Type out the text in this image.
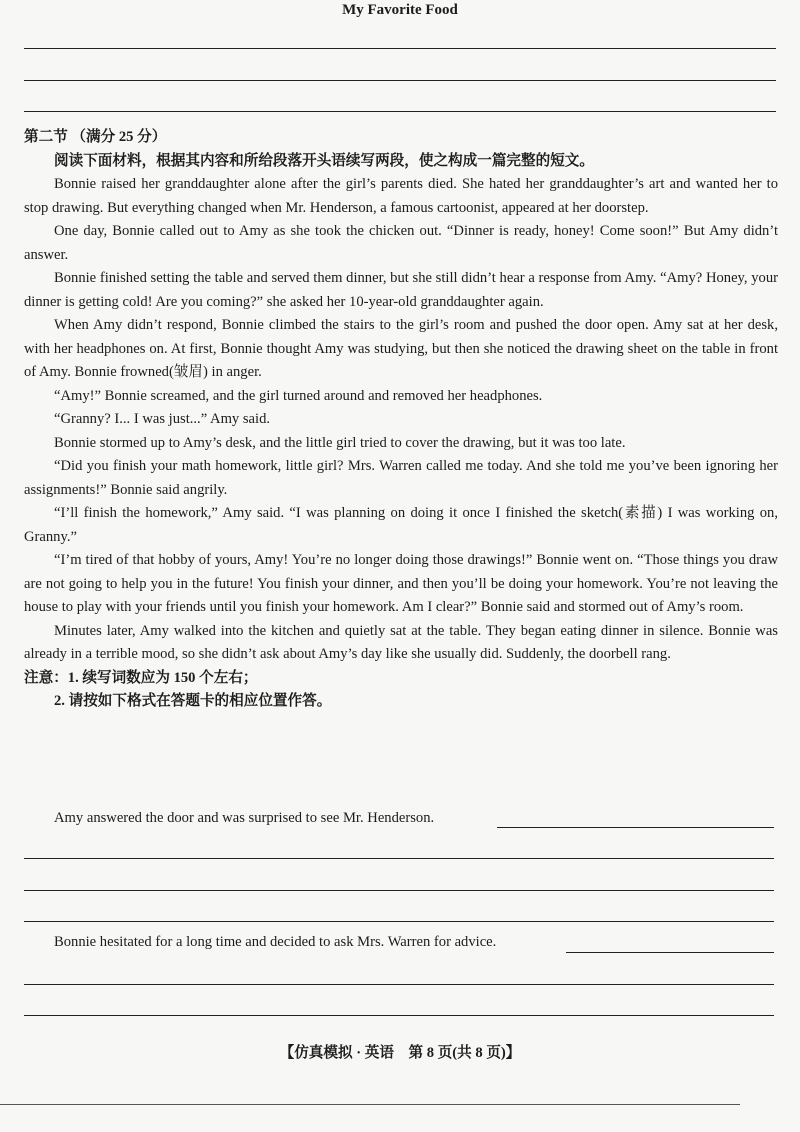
My Favorite Food
第二节 （满分 25 分）
阅读下面材料，根据其内容和所给段落开头语续写两段，使之构成一篇完整的短文。

Bonnie raised her granddaughter alone after the girl’s parents died. She hated her granddaughter’s art and wanted her to stop drawing. But everything changed when Mr. Henderson, a famous cartoonist, appeared at her doorstep.

One day, Bonnie called out to Amy as she took the chicken out. “Dinner is ready, honey! Come soon!” But Amy didn’t answer.

Bonnie finished setting the table and served them dinner, but she still didn’t hear a response from Amy. “Amy? Honey, your dinner is getting cold! Are you coming?” she asked her 10-year-old granddaughter again.

When Amy didn’t respond, Bonnie climbed the stairs to the girl’s room and pushed the door open. Amy sat at her desk, with her headphones on. At first, Bonnie thought Amy was studying, but then she noticed the drawing sheet on the table in front of Amy. Bonnie frowned(皱眉) in anger.

“Amy!” Bonnie screamed, and the girl turned around and removed her headphones.

“Granny? I... I was just...” Amy said.

Bonnie stormed up to Amy’s desk, and the little girl tried to cover the drawing, but it was too late.

“Did you finish your math homework, little girl? Mrs. Warren called me today. And she told me you’ve been ignoring her assignments!” Bonnie said angrily.

“I’ll finish the homework,” Amy said. “I was planning on doing it once I finished the sketch(素描) I was working on, Granny.”

“I’m tired of that hobby of yours, Amy! You’re no longer doing those drawings!” Bonnie went on. “Those things you draw are not going to help you in the future! You finish your dinner, and then you’ll be doing your homework. You’re not leaving the house to play with your friends until you finish your homework. Am I clear?” Bonnie said and stormed out of Amy’s room.

Minutes later, Amy walked into the kitchen and quietly sat at the table. They began eating dinner in silence. Bonnie was already in a terrible mood, so she didn’t ask about Amy’s day like she usually did. Suddenly, the doorbell rang.

注意：1. 续写词数应为 150 个左右；

2. 请按如下格式在答题卡的相应位置作答。

Amy answered the door and was surprised to see Mr. Henderson.
Bonnie hesitated for a long time and decided to ask Mrs. Warren for advice.
【仿真模拟 · 英语　第 8 页(共 8 页)】
